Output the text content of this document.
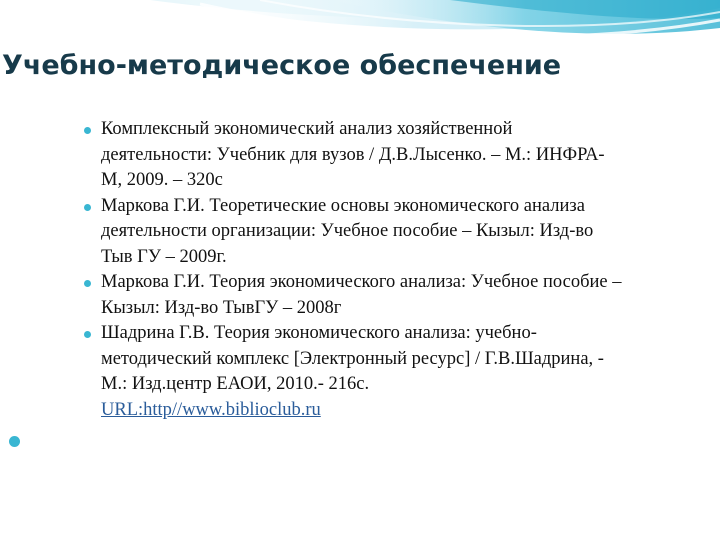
Учебно-методическое обеспечение
Комплексный экономический анализ хозяйственной деятельности: Учебник для вузов / Д.В.Лысенко. – М.: ИНФРА-М, 2009. – 320с
Маркова Г.И. Теоретические основы экономического анализа деятельности организации: Учебное пособие – Кызыл: Изд-во Тыв ГУ – 2009г.
Маркова Г.И. Теория экономического анализа: Учебное пособие – Кызыл: Изд-во ТывГУ – 2008г
Шадрина Г.В. Теория экономического анализа: учебно-методический комплекс [Электронный ресурс] / Г.В.Шадрина, - М.: Изд.центр ЕАОИ, 2010.- 216с.
URL:http//www.biblioclub.ru
